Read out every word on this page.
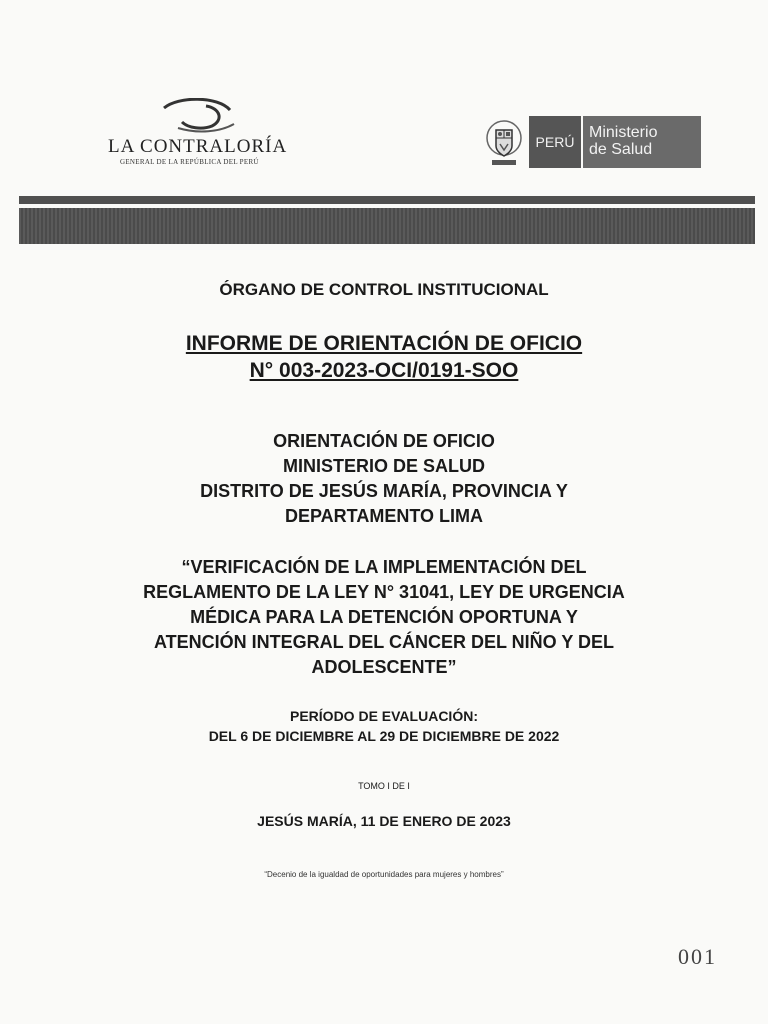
LA CONTRALORÍA
GENERAL DE LA REPÚBLICA DEL PERÚ
PERÚ
Ministerio
de Salud
ÓRGANO DE CONTROL INSTITUCIONAL
INFORME DE ORIENTACIÓN DE OFICIO
N° 003-2023-OCI/0191-SOO
ORIENTACIÓN DE OFICIO
MINISTERIO DE SALUD
DISTRITO DE JESÚS MARÍA, PROVINCIA Y
DEPARTAMENTO LIMA
“VERIFICACIÓN DE LA IMPLEMENTACIÓN DEL
REGLAMENTO DE LA LEY N° 31041, LEY DE URGENCIA
MÉDICA PARA LA DETENCIÓN OPORTUNA Y
ATENCIÓN INTEGRAL DEL CÁNCER DEL NIÑO Y DEL
ADOLESCENTE”
PERÍODO DE EVALUACIÓN:
DEL 6 DE DICIEMBRE AL 29 DE DICIEMBRE DE 2022
TOMO I DE I
JESÚS MARÍA, 11 DE ENERO DE 2023
“Decenio de la igualdad de oportunidades para mujeres y hombres”
001
